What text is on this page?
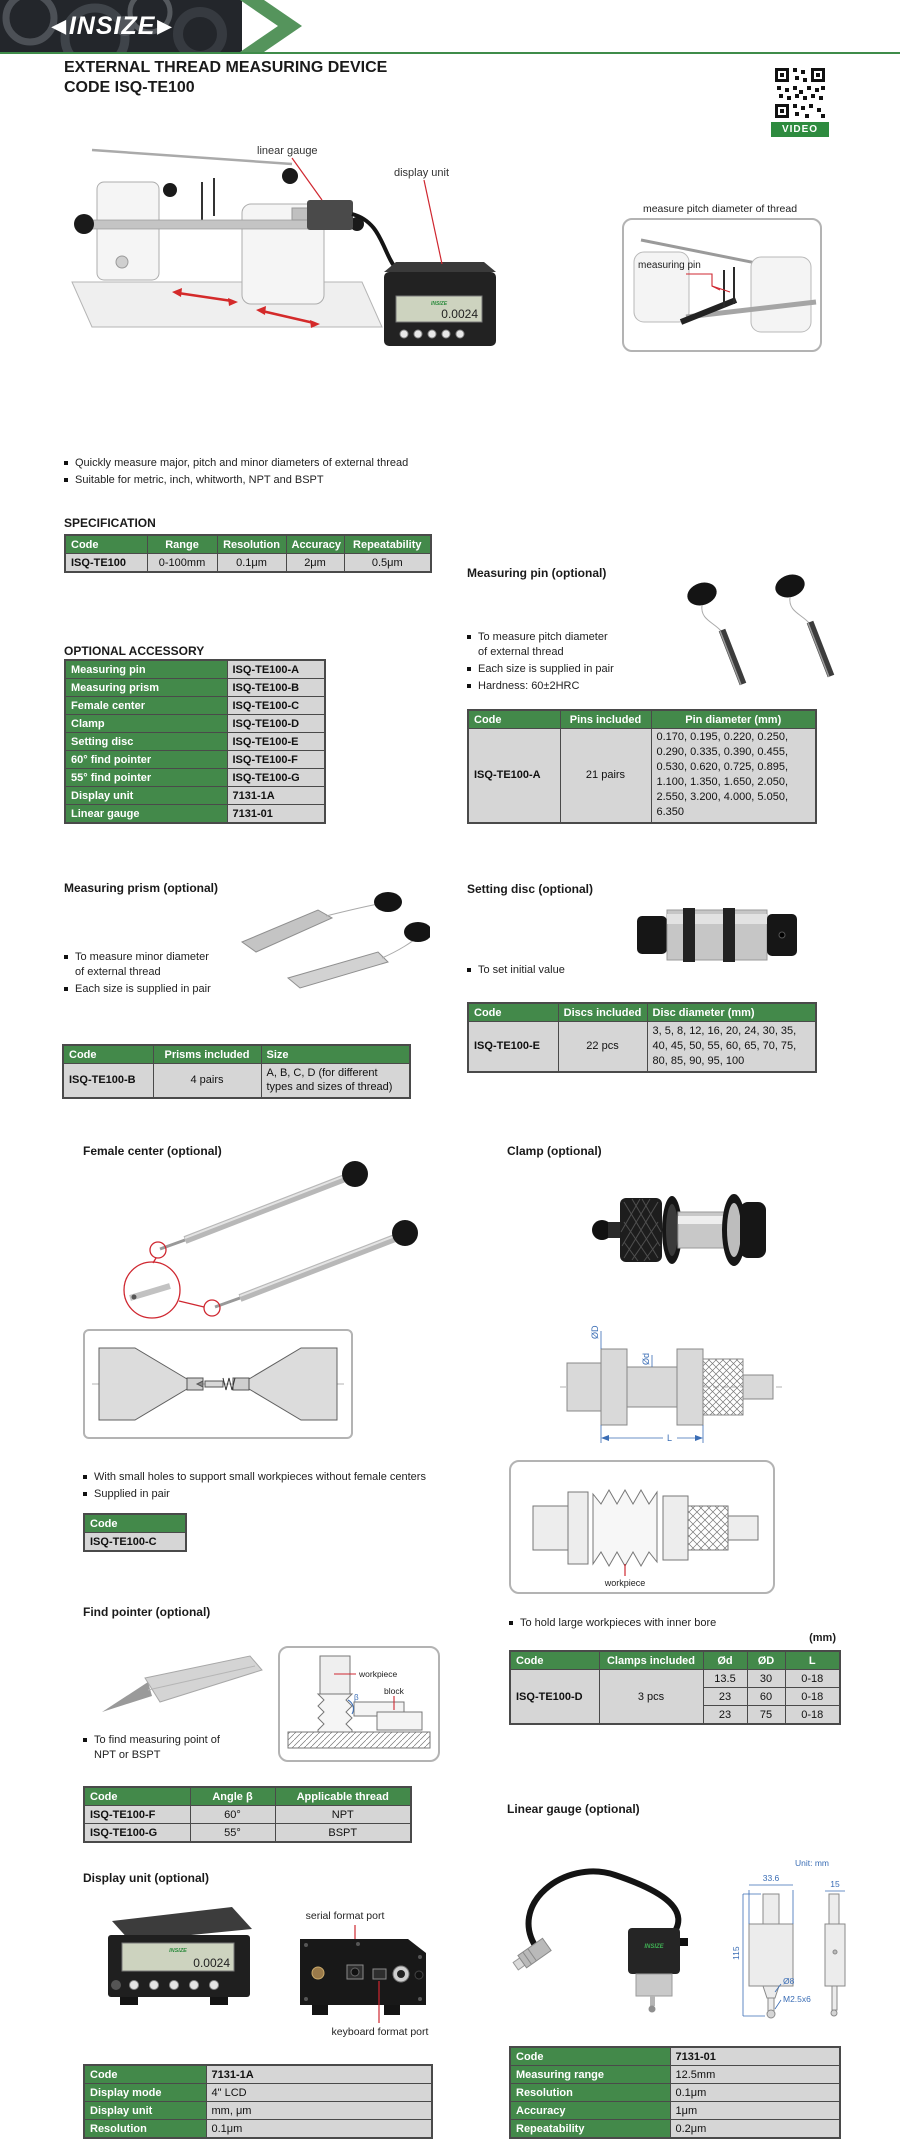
◀ INSIZE ▶
EXTERNAL THREAD MEASURING DEVICE
CODE ISQ-TE100
VIDEO
INSIZE
0.0024
linear gauge
display unit
measure pitch diameter of thread
measuring pin
Quickly measure major, pitch and minor diameters of external thread
Suitable for metric, inch, whitworth, NPT and BSPT
SPECIFICATION
Code	Range	Resolution	Accuracy	Repeatability
ISQ-TE100	0-100mm	0.1μm	2μm	0.5μm
OPTIONAL ACCESSORY
Measuring pin	ISQ-TE100-A
Measuring prism	ISQ-TE100-B
Female center	ISQ-TE100-C
Clamp	ISQ-TE100-D
Setting disc	ISQ-TE100-E
60° find pointer	ISQ-TE100-F
55° find pointer	ISQ-TE100-G
Display unit	7131-1A
Linear gauge	7131-01
Measuring pin (optional)
To measure pitch diameter of external thread
Each size is supplied in pair
Hardness: 60±2HRC
Code	Pins included	Pin diameter (mm)
ISQ-TE100-A	21 pairs	0.170, 0.195, 0.220, 0.250, 0.290, 0.335, 0.390, 0.455, 0.530, 0.620, 0.725, 0.895, 1.100, 1.350, 1.650, 2.050, 2.550, 3.200, 4.000, 5.050, 6.350
Measuring prism (optional)
To measure minor diameter of external thread
Each size is supplied in pair
Code	Prisms included	Size
ISQ-TE100-B	4 pairs	A, B, C, D (for different types and sizes of thread)
Setting disc (optional)
To set initial value
Code	Discs included	Disc diameter (mm)
ISQ-TE100-E	22 pcs	3, 5, 8, 12, 16, 20, 24, 30, 35, 40, 45, 50, 55, 60, 65, 70, 75, 80, 85, 90, 95, 100
Female center (optional)
With small holes to support small workpieces without female centers
Supplied in pair
Code
ISQ-TE100-C
Clamp (optional)
ØD
Ød
L
workpiece
To hold large workpieces with inner bore
(mm)
Code	Clamps included	Ød	ØD	L
ISQ-TE100-D	3 pcs	13.5	30	0-18
		23	60	0-18
		23	75	0-18
Find pointer (optional)
workpiece
block
β
To find measuring point of NPT or BSPT
Code	Angle β	Applicable thread
ISQ-TE100-F	60°	NPT
ISQ-TE100-G	55°	BSPT
Display unit (optional)
INSIZE
0.0024
serial format port
keyboard format port
Code	7131-1A
Display mode	4" LCD
Display unit	mm, μm
Resolution	0.1μm
Linear gauge (optional)
INSIZE
Unit: mm
33.6
15
115
Ø8
M2.5x6
Code	7131-01
Measuring range	12.5mm
Resolution	0.1μm
Accuracy	1μm
Repeatability	0.2μm
